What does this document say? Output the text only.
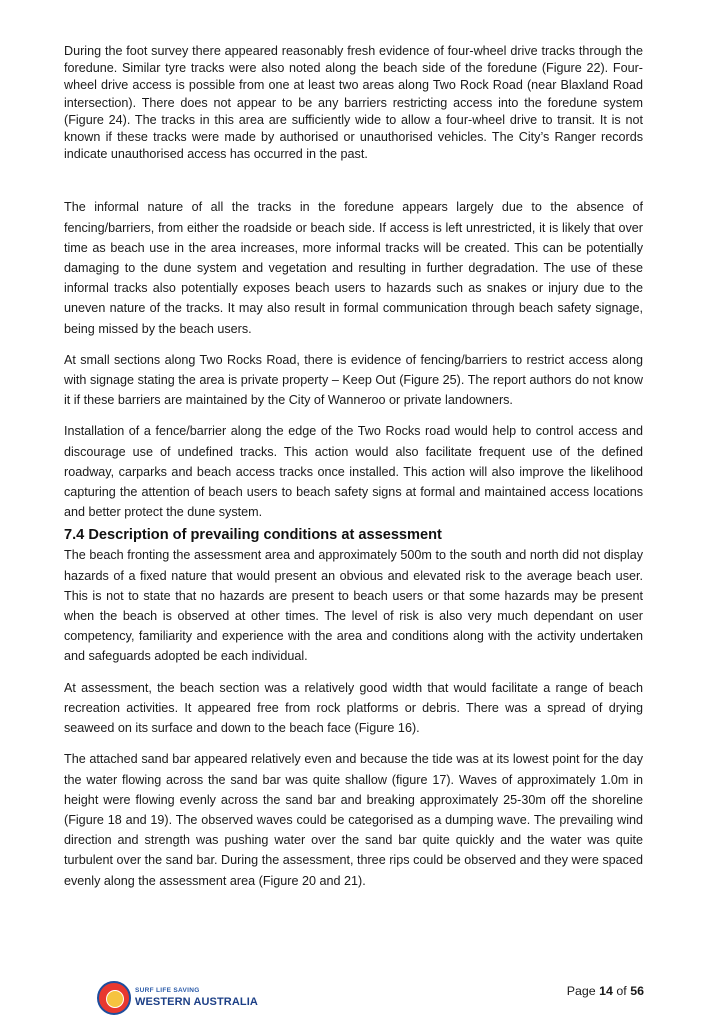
During the foot survey there appeared reasonably fresh evidence of four-wheel drive tracks through the foredune. Similar tyre tracks were also noted along the beach side of the foredune (Figure 22). Four-wheel drive access is possible from one at least two areas along Two Rock Road (near Blaxland Road intersection). There does not appear to be any barriers restricting access into the foredune system (Figure 24). The tracks in this area are sufficiently wide to allow a four-wheel drive to transit. It is not known if these tracks were made by authorised or unauthorised vehicles. The City’s Ranger records indicate unauthorised access has occurred in the past.

The informal nature of all the tracks in the foredune appears largely due to the absence of fencing/barriers, from either the roadside or beach side. If access is left unrestricted, it is likely that over time as beach use in the area increases, more informal tracks will be created. This can be potentially damaging to the dune system and vegetation and resulting in further degradation. The use of these informal tracks also potentially exposes beach users to hazards such as snakes or injury due to the uneven nature of the tracks. It may also result in formal communication through beach safety signage, being missed by the beach users.

At small sections along Two Rocks Road, there is evidence of fencing/barriers to restrict access along with signage stating the area is private property – Keep Out (Figure 25). The report authors do not know it if these barriers are maintained by the City of Wanneroo or private landowners.

Installation of a fence/barrier along the edge of the Two Rocks road would help to control access and discourage use of undefined tracks. This action would also facilitate frequent use of the defined roadway, carparks and beach access tracks once installed. This action will also improve the likelihood capturing the attention of beach users to beach safety signs at formal and maintained access locations and better protect the dune system.

7.4 Description of prevailing conditions at assessment

The beach fronting the assessment area and approximately 500m to the south and north did not display hazards of a fixed nature that would present an obvious and elevated risk to the average beach user. This is not to state that no hazards are present to beach users or that some hazards may be present when the beach is observed at other times. The level of risk is also very much dependant on user competency, familiarity and experience with the area and conditions along with the activity undertaken and safeguards adopted be each individual.

At assessment, the beach section was a relatively good width that would facilitate a range of beach recreation activities. It appeared free from rock platforms or debris. There was a spread of drying seaweed on its surface and down to the beach face (Figure 16).

The attached sand bar appeared relatively even and because the tide was at its lowest point for the day the water flowing across the sand bar was quite shallow (figure 17). Waves of approximately 1.0m in height were flowing evenly across the sand bar and breaking approximately 25-30m off the shoreline (Figure 18 and 19). The observed waves could be categorised as a dumping wave. The prevailing wind direction and strength was pushing water over the sand bar quite quickly and the water was quite turbulent over the sand bar. During the assessment, three rips could be observed and they were spaced evenly along the assessment area (Figure 20 and 21).

SURF LIFE SAVING
WESTERN AUSTRALIA
Page 14 of 56
